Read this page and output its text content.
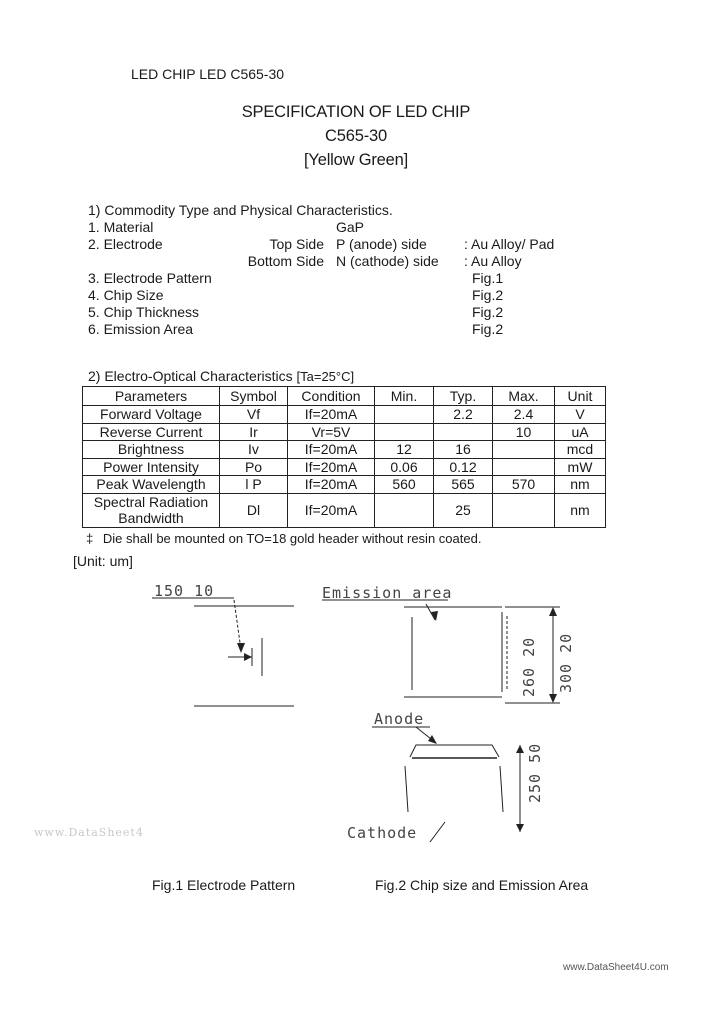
LED CHIP LED C565-30
SPECIFICATION OF LED CHIP
C565-30
[Yellow Green]
1) Commodity Type and Physical Characteristics.
1. Material	GaP
2. Electrode	Top Side P (anode) side	: Au Alloy/ Pad
Bottom Side N (cathode) side : Au Alloy
3. Electrode Pattern	Fig.1
4. Chip Size	Fig.2
5. Chip Thickness	Fig.2
6. Emission Area	Fig.2
2) Electro-Optical Characteristics [Ta=25°C]
Parameters	Symbol	Condition	Min.	Typ.	Max.	Unit
Forward Voltage	Vf	If=20mA		2.2	2.4	V
Reverse Current	Ir	Vr=5V			10	uA
Brightness	Iv	If=20mA	12	16		mcd
Power Intensity	Po	If=20mA	0.06	0.12		mW
Peak Wavelength	l P	If=20mA	560	565	570	nm

Spectral Radiation
Bandwidth	Dl	If=20mA		25		nm
‡ Die shall be mounted on TO=18 gold header without resin coated.
[Unit: um]
150 10	Emission area
260 20 300 20
Anode
250 50
Cathode
www.DataSheet4
Fig.1 Electrode Pattern	Fig.2 Chip size and Emission Area
www.DataSheet4U.com
